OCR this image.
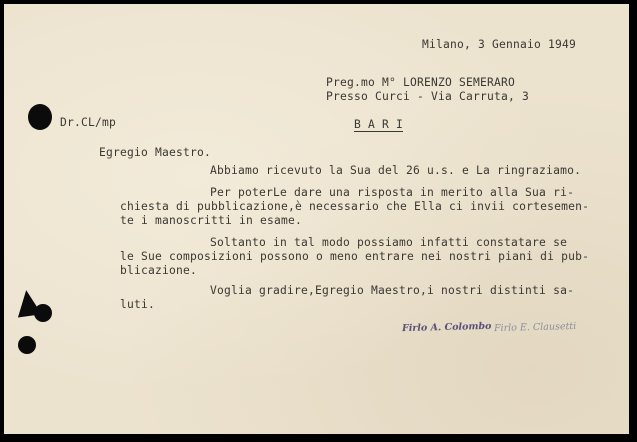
Milano, 3 Gennaio 1949
Preg.mo M° LORENZO SEMERARO
Presso Curci - Via Carruta, 3

B A R I

Dr.CL/mp
Egregio Maestro.
Abbiamo ricevuto la Sua del 26 u.s. e La ringraziamo.
Per poterLe dare una risposta in merito alla Sua ri-
chiesta di pubblicazione,è necessario che Ella ci invii cortesemen-
te i manoscritti in esame.
Soltanto in tal modo possiamo infatti constatare se
le Sue composizioni possono o meno entrare nei nostri piani di pub-
blicazione.
Voglia gradire,Egregio Maestro,i nostri distinti sa-
luti.
Firlo A. Colombo Firlo E. Clausetti
